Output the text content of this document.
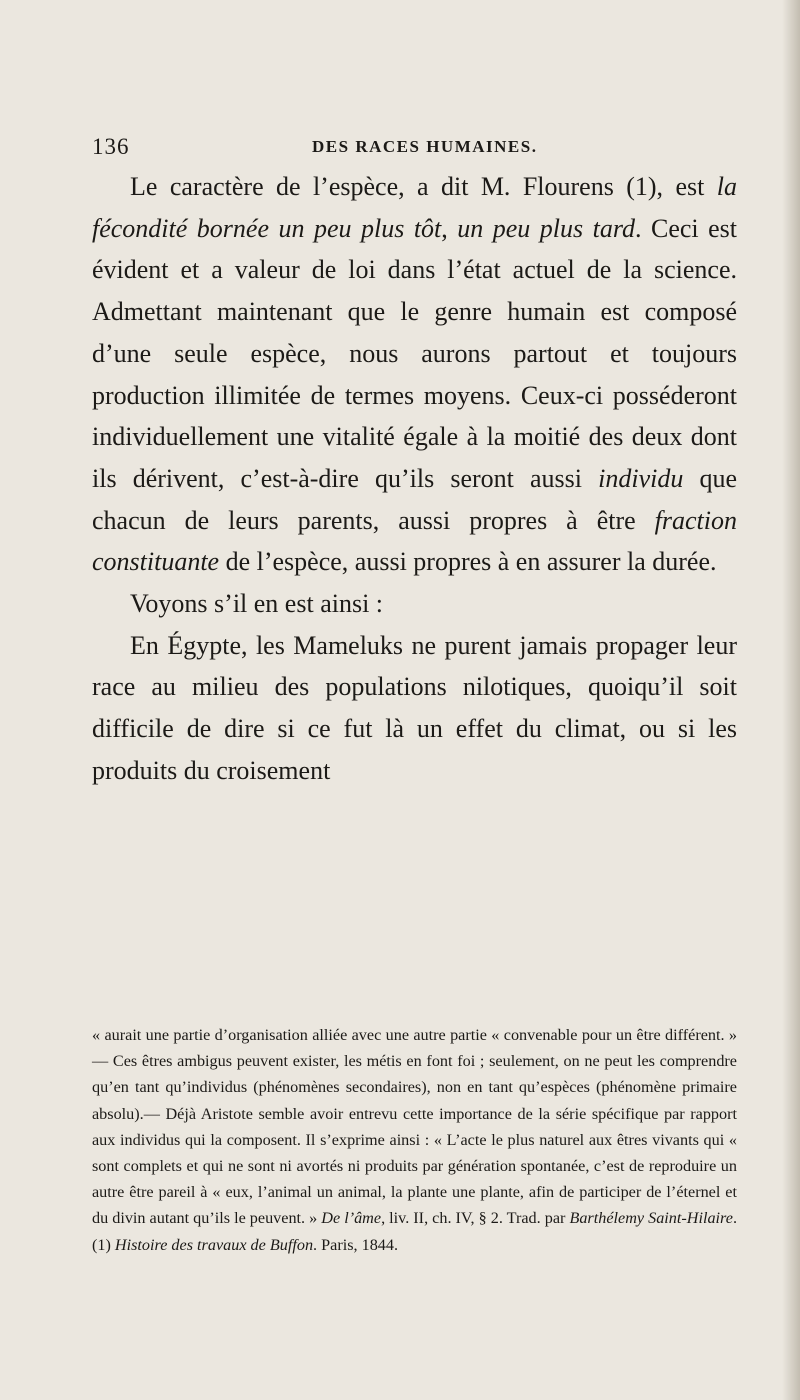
136	DES RACES HUMAINES.

Le caractère de l’espèce, a dit M. Flourens (1), est la fécondité bornée un peu plus tôt, un peu plus tard. Ceci est évident et a valeur de loi dans l’état actuel de la science. Admettant maintenant que le genre humain est composé d’une seule espèce, nous aurons partout et toujours production illimitée de termes moyens. Ceux-ci posséderont individuellement une vitalité égale à la moitié des deux dont ils dérivent, c’est-à-dire qu’ils seront aussi individu que chacun de leurs parents, aussi propres à être fraction constituante de l’espèce, aussi propres à en assurer la durée.

Voyons s’il en est ainsi :

En Égypte, les Mameluks ne purent jamais propager leur race au milieu des populations nilotiques, quoiqu’il soit difficile de dire si ce fut là un effet du climat, ou si les produits du croisement

« aurait une partie d’organisation alliée avec une autre partie « convenable pour un être différent. » — Ces êtres ambigus peuvent exister, les métis en font foi ; seulement, on ne peut les comprendre qu’en tant qu’individus (phénomènes secondaires), non en tant qu’espèces (phénomène primaire absolu).— Déjà Aristote semble avoir entrevu cette importance de la série spécifique par rapport aux individus qui la composent. Il s’exprime ainsi : « L’acte le plus naturel aux êtres vivants qui « sont complets et qui ne sont ni avortés ni produits par génération spontanée, c’est de reproduire un autre être pareil à « eux, l’animal un animal, la plante une plante, afin de participer de l’éternel et du divin autant qu’ils le peuvent. » De l’âme, liv. II, ch. IV, § 2. Trad. par Barthélemy Saint-Hilaire.

(1) Histoire des travaux de Buffon. Paris, 1844.
